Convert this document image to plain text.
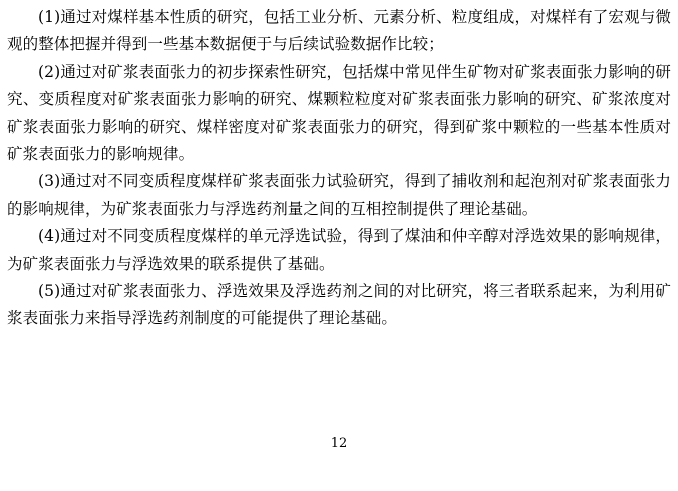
(1)通过对煤样基本性质的研究，包括工业分析、元素分析、粒度组成，对煤样有了宏观与微观的整体把握并得到一些基本数据便于与后续试验数据作比较；

(2)通过对矿浆表面张力的初步探索性研究，包括煤中常见伴生矿物对矿浆表面张力影响的研究、变质程度对矿浆表面张力影响的研究、煤颗粒粒度对矿浆表面张力影响的研究、矿浆浓度对矿浆表面张力影响的研究、煤样密度对矿浆表面张力的研究，得到矿浆中颗粒的一些基本性质对矿浆表面张力的影响规律。

(3)通过对不同变质程度煤样矿浆表面张力试验研究，得到了捕收剂和起泡剂对矿浆表面张力的影响规律，为矿浆表面张力与浮选药剂量之间的互相控制提供了理论基础。

(4)通过对不同变质程度煤样的单元浮选试验，得到了煤油和仲辛醇对浮选效果的影响规律，为矿浆表面张力与浮选效果的联系提供了基础。

(5)通过对矿浆表面张力、浮选效果及浮选药剂之间的对比研究，将三者联系起来，为利用矿浆表面张力来指导浮选药剂制度的可能提供了理论基础。

12
